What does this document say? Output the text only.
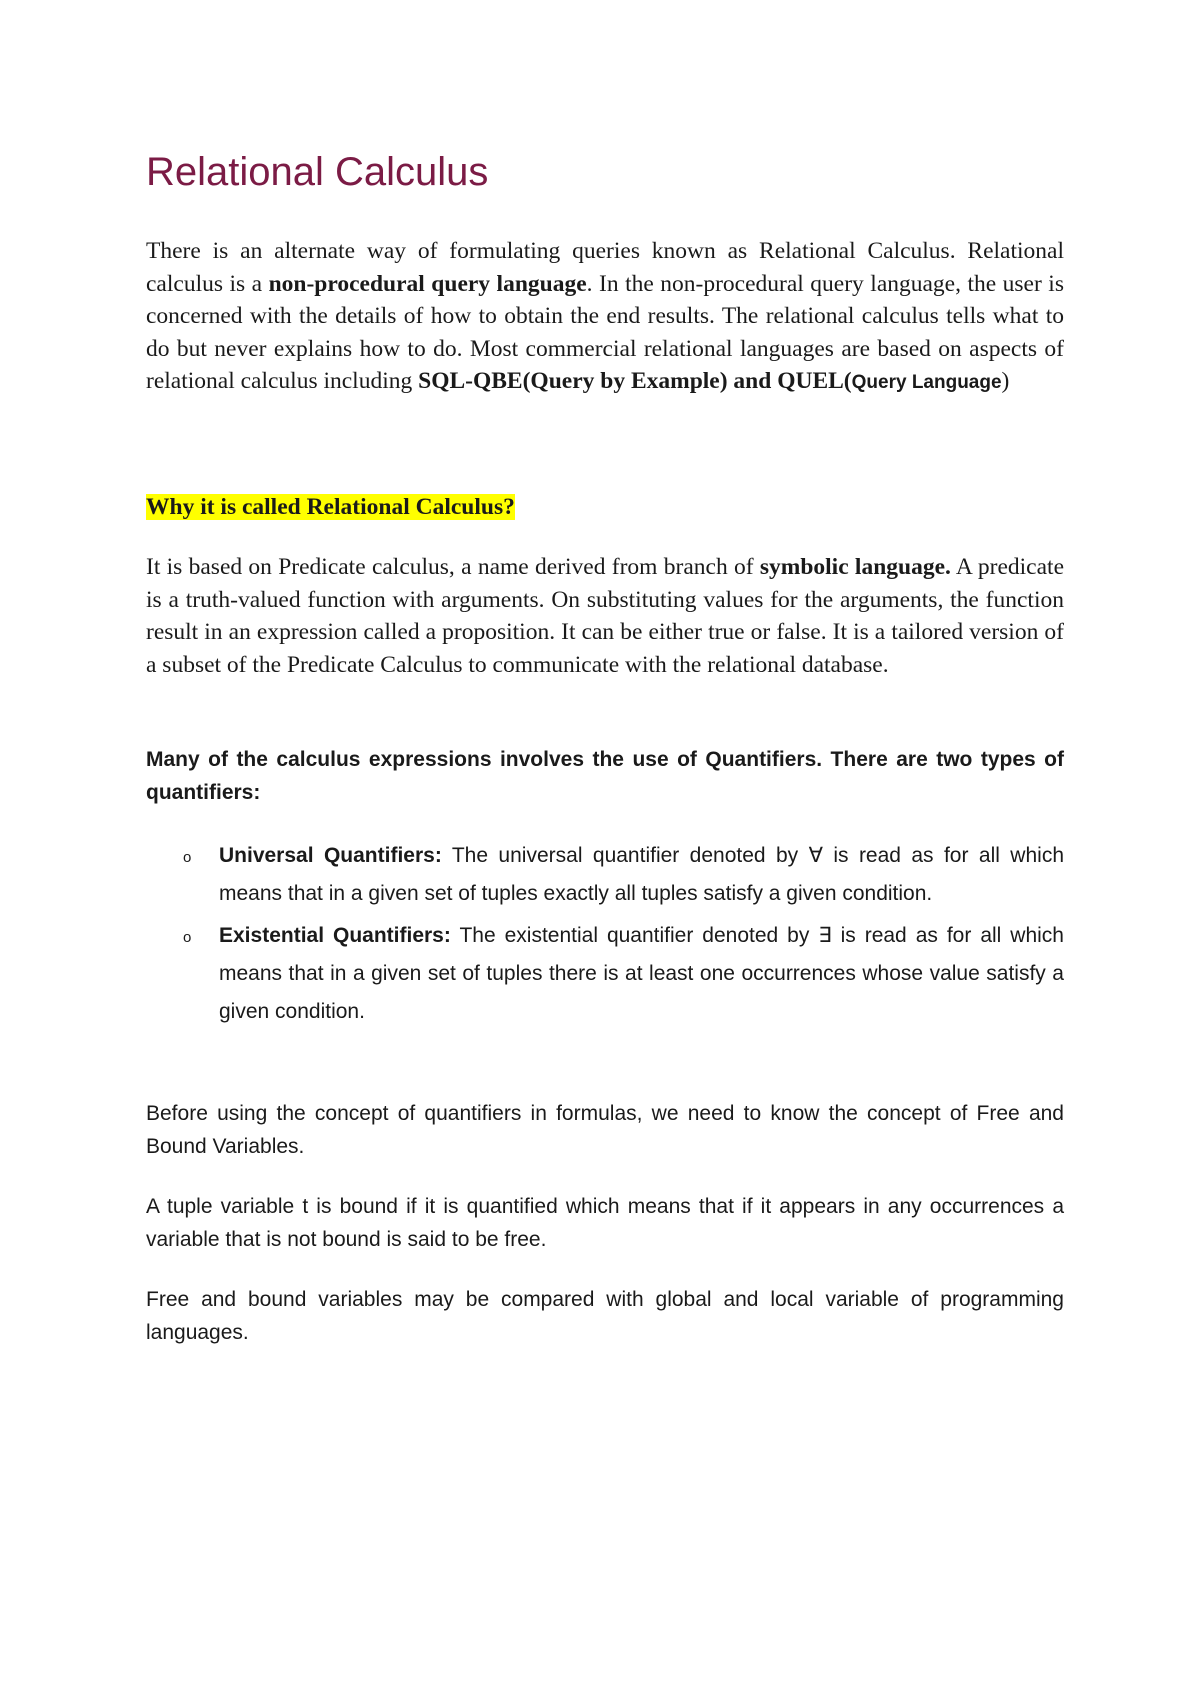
Relational Calculus

There is an alternate way of formulating queries known as Relational Calculus. Relational calculus is a non-procedural query language. In the non-procedural query language, the user is concerned with the details of how to obtain the end results. The relational calculus tells what to do but never explains how to do. Most commercial relational languages are based on aspects of relational calculus including SQL-QBE(Query by Example) and QUEL(Query Language)

Why it is called Relational Calculus?

It is based on Predicate calculus, a name derived from branch of symbolic language. A predicate is a truth-valued function with arguments. On substituting values for the arguments, the function result in an expression called a proposition. It can be either true or false. It is a tailored version of a subset of the Predicate Calculus to communicate with the relational database.

Many of the calculus expressions involves the use of Quantifiers. There are two types of quantifiers:

o Universal Quantifiers: The universal quantifier denoted by ∀ is read as for all which means that in a given set of tuples exactly all tuples satisfy a given condition.
o Existential Quantifiers: The existential quantifier denoted by ∃ is read as for all which means that in a given set of tuples there is at least one occurrences whose value satisfy a given condition.

Before using the concept of quantifiers in formulas, we need to know the concept of Free and Bound Variables.

A tuple variable t is bound if it is quantified which means that if it appears in any occurrences a variable that is not bound is said to be free.

Free and bound variables may be compared with global and local variable of programming languages.
